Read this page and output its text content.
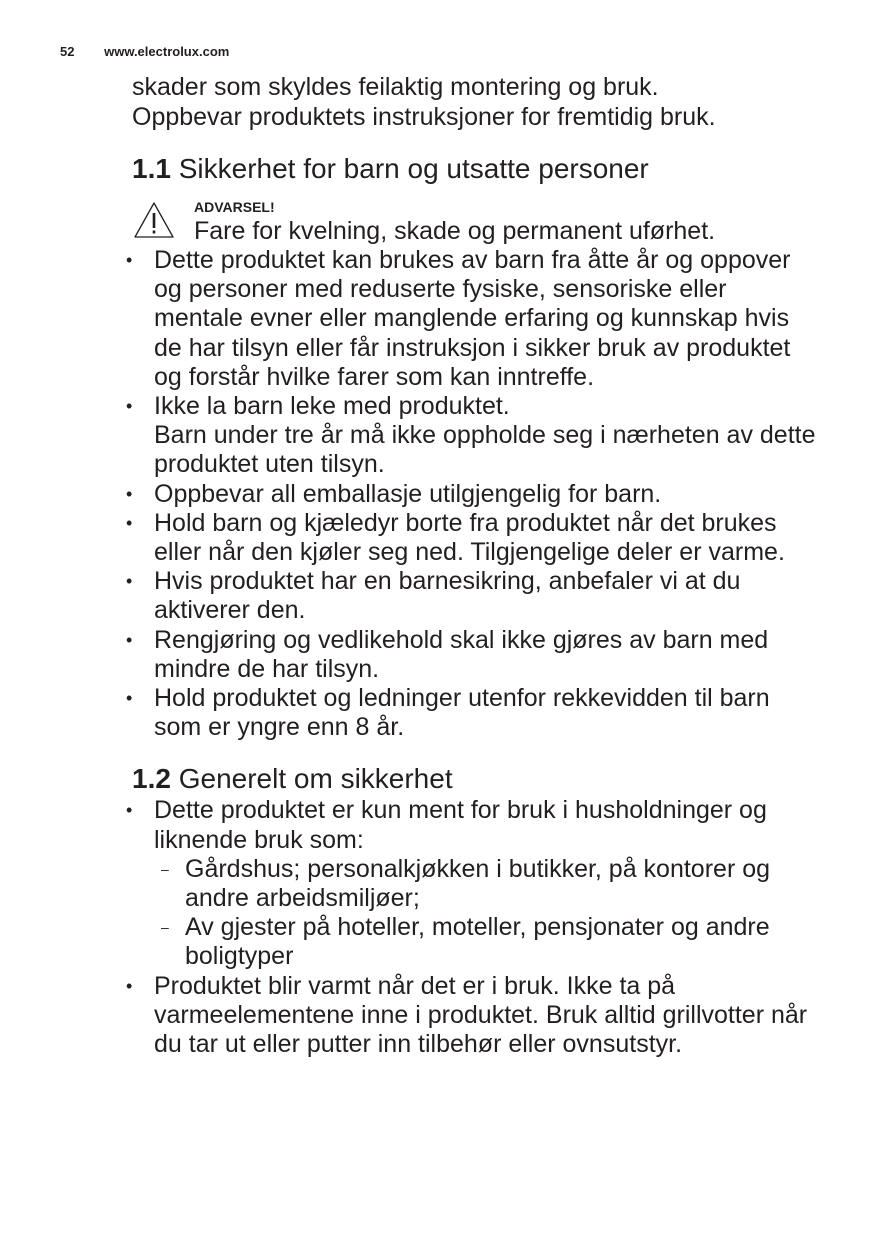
52 www.electrolux.com

skader som skyldes feilaktig montering og bruk.
Oppbevar produktets instruksjoner for fremtidig bruk.

1.1 Sikkerhet for barn og utsatte personer
ADVARSEL!
Fare for kvelning, skade og permanent uførhet.
• Dette produktet kan brukes av barn fra åtte år og oppover og personer med reduserte fysiske, sensoriske eller mentale evner eller manglende erfaring og kunnskap hvis de har tilsyn eller får instruksjon i sikker bruk av produktet og forstår hvilke farer som kan inntreffe.
• Ikke la barn leke med produktet.
Barn under tre år må ikke oppholde seg i nærheten av dette produktet uten tilsyn.
• Oppbevar all emballasje utilgjengelig for barn.
• Hold barn og kjæledyr borte fra produktet når det brukes eller når den kjøler seg ned. Tilgjengelige deler er varme.
• Hvis produktet har en barnesikring, anbefaler vi at du aktiverer den.
• Rengjøring og vedlikehold skal ikke gjøres av barn med mindre de har tilsyn.
• Hold produktet og ledninger utenfor rekkevidden til barn som er yngre enn 8 år.
1.2 Generelt om sikkerhet
• Dette produktet er kun ment for bruk i husholdninger og liknende bruk som:
– Gårdshus; personalkjøkken i butikker, på kontorer og andre arbeidsmiljøer;
– Av gjester på hoteller, moteller, pensjonater og andre boligtyper
• Produktet blir varmt når det er i bruk. Ikke ta på varmeelementene inne i produktet. Bruk alltid grillvotter når du tar ut eller putter inn tilbehør eller ovnsutstyr.
